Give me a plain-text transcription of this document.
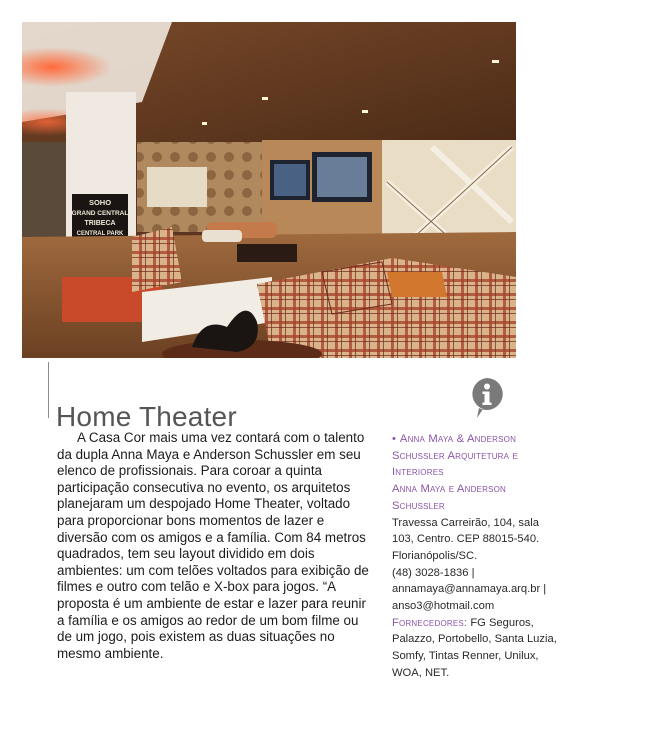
SOHO
GRAND CENTRAL
TRIBECA
CENTRAL PARK
Home Theater

A Casa Cor mais uma vez contará com o talento da dupla Anna Maya e Anderson Schussler em seu elenco de profissionais. Para coroar a quinta participação consecutiva no evento, os arquitetos planejaram um despojado Home Theater, voltado para proporcionar bons momentos de lazer e diversão com os amigos e a família. Com 84 metros quadrados, tem seu layout dividido em dois ambientes: um com telões voltados para exibição de filmes e outro com telão e X-box para jogos. “A proposta é um ambiente de estar e lazer para reunir a família e os amigos ao redor de um bom filme ou de um jogo, pois existem as duas situações no mesmo ambiente.

• Anna Maya & Anderson Schussler Arquitetura e Interiores
Anna Maya e Anderson Schussler
Travessa Carreirão, 104, sala 103, Centro. CEP 88015-540. Florianópolis/SC.
(48) 3028-1836 | annamaya@annamaya.arq.br | anso3@hotmail.com
Fornecedores: FG Seguros, Palazzo, Portobello, Santa Luzia, Somfy, Tintas Renner, Unilux, WOA, NET.
